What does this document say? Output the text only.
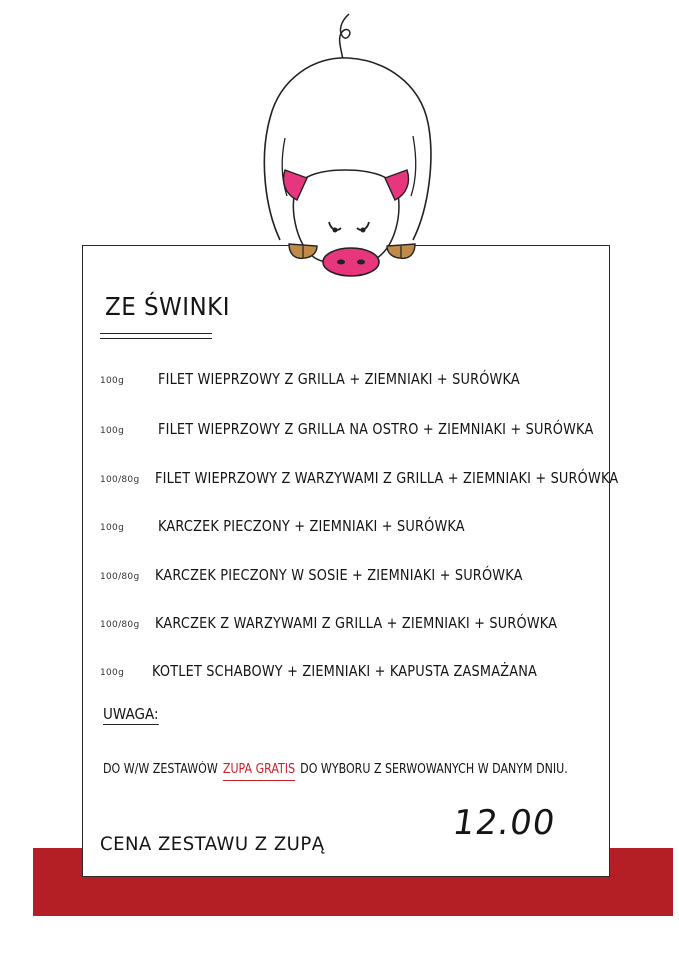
ZE ŚWINKI
100g FILET WIEPRZOWY Z GRILLA + ZIEMNIAKI + SURÓWKA
100g FILET WIEPRZOWY Z GRILLA NA OSTRO + ZIEMNIAKI + SURÓWKA
100/80g FILET WIEPRZOWY Z WARZYWAMI Z GRILLA + ZIEMNIAKI + SURÓWKA
100g KARCZEK PIECZONY + ZIEMNIAKI + SURÓWKA
100/80g KARCZEK PIECZONY W SOSIE + ZIEMNIAKI + SURÓWKA
100/80g KARCZEK Z WARZYWAMI Z GRILLA + ZIEMNIAKI + SURÓWKA
100g KOTLET SCHABOWY + ZIEMNIAKI + KAPUSTA ZASMAŻANA
UWAGA:
DO W/W ZESTAWÓW ZUPA GRATIS DO WYBORU Z SERWOWANYCH W DANYM DNIU.
CENA ZESTAWU Z ZUPĄ
12.00
